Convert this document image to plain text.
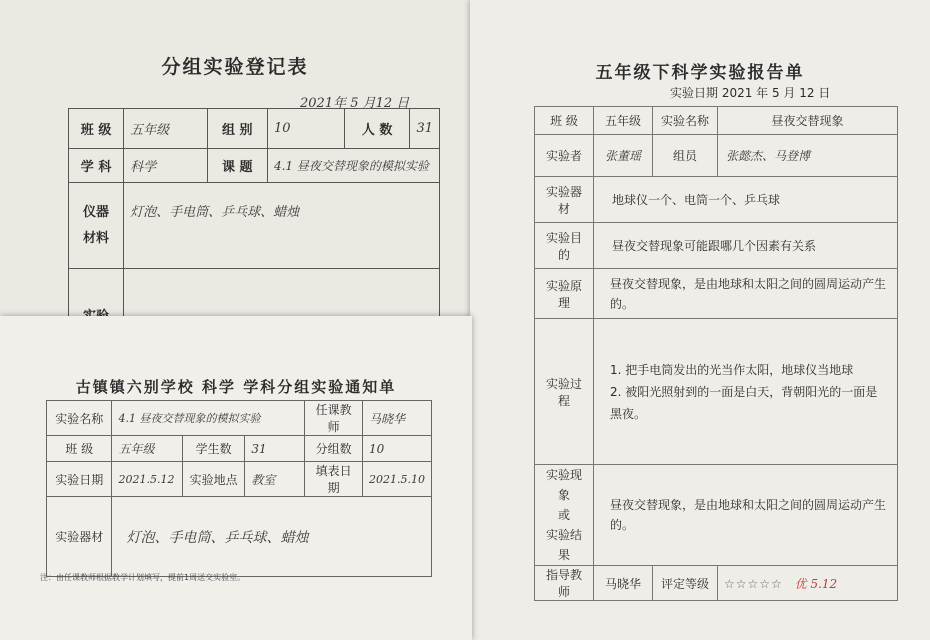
分组实验登记表
2021年 5 月12 日
班 级	五年级	组 别	10	人 数	31
学 科	科学	课 题	4.1 昼夜交替现象的模拟实验		

仪器
材料	灯泡、手电筒、乒乓球、蜡烛				

五年级下科学实验报告单
实验日期 2021 年 5 月 12 日
班 级	五年级	实验名称	昼夜交替现象
实验者	张董瑶	组员	张懿杰、马登博
实验器材	地球仪一个、电筒一个、乒乓球		
实验目的	昼夜交替现象可能跟哪几个因素有关系		
实验原理	昼夜交替现象，是由地球和太阳之间的圆周运动产生的。		
实验过程	1. 把手电筒发出的光当作太阳，地球仪当地球
2. 被阳光照射到的一面是白天，背朝阳光的一面是黑夜。		

实验现象
或
实验结果	昼夜交替现象，是由地球和太阳之间的圆周运动产生的。		
指导教师	马晓华	评定等级	☆☆☆☆☆ 优 5.12
古镇镇六别学校 科学 学科分组实验通知单
实验名称	4.1 昼夜交替现象的模拟实验			任课教师	马晓华
班 级	五年级	学生数	31	分组数	10
实验日期	2021.5.12	实验地点	教室	填表日期	2021.5.10
实验器材	灯泡、手电筒、乒乓球、蜡烛				
注：由任课教师根据教学计划填写，提前1周送交实验室。
